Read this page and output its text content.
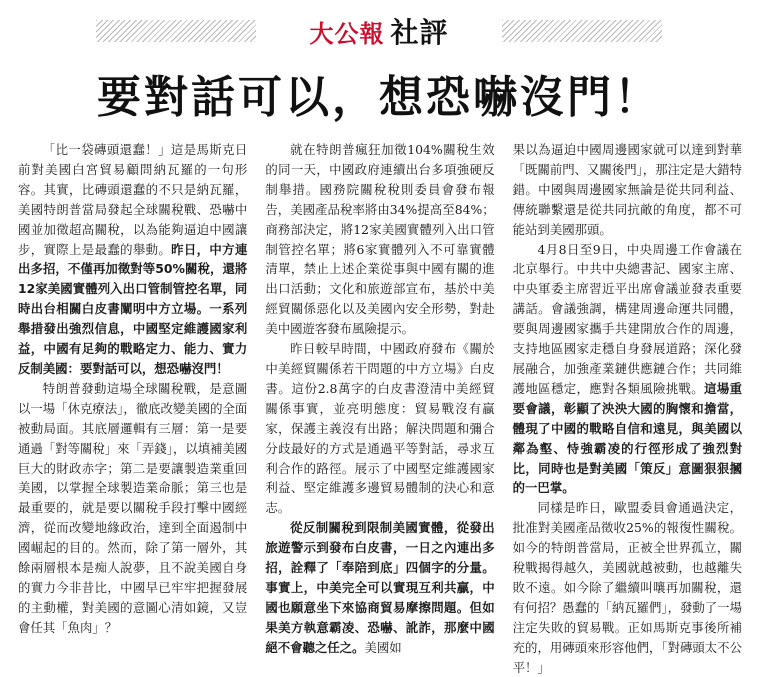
大公報 社評
要對話可以，想恐嚇沒門！

「比一袋磚頭還蠢！」這是馬斯克日前對美國白宮貿易顧問納瓦羅的一句形容。其實，比磚頭還蠢的不只是納瓦羅，美國特朗普當局發起全球關稅戰、恐嚇中國並加徵超高關稅，以為能夠逼迫中國讓步，實際上是最蠢的舉動。昨日，中方連出多招，不僅再加徵對等50%關稅，還將12家美國實體列入出口管制管控名單，同時出台相關白皮書闡明中方立場。一系列舉措發出強烈信息，中國堅定維護國家利益，中國有足夠的戰略定力、能力、實力反制美國：要對話可以，想恐嚇沒門！

特朗普發動這場全球關稅戰，是意圖以一場「休克療法」，徹底改變美國的全面被動局面。其底層邏輯有三層：第一是要通過「對等關稅」來「弄錢」，以填補美國巨大的財政赤字；第二是要讓製造業重回美國，以掌握全球製造業命脈；第三也是最重要的，就是要以關稅手段打擊中國經濟，從而改變地緣政治，達到全面遏制中國崛起的目的。然而，除了第一層外，其餘兩層根本是痴人說夢，且不說美國自身的實力今非昔比，中國早已牢牢把握發展的主動權，對美國的意圖心清如鏡，又豈會任其「魚肉」？

就在特朗普瘋狂加徵104%關稅生效的同一天，中國政府連續出台多項強硬反制舉措。國務院關稅稅則委員會發布報告，美國產品稅率將由34%提高至84%；商務部決定，將12家美國實體列入出口管制管控名單；將6家實體列入不可靠實體清單，禁止上述企業從事與中國有關的進出口活動；文化和旅遊部宣布，基於中美經貿關係惡化以及美國內安全形勢，對赴美中國遊客發布風險提示。

昨日較早時間，中國政府發布《關於中美經貿關係若干問題的中方立場》白皮書。這份2.8萬字的白皮書澄清中美經貿關係事實，並亮明態度：貿易戰沒有贏家，保護主義沒有出路；解決問題和彌合分歧最好的方式是通過平等對話，尋求互利合作的路徑。展示了中國堅定維護國家利益、堅定維護多邊貿易體制的決心和意志。

從反制關稅到限制美國實體，從發出旅遊警示到發布白皮書，一日之內連出多招，詮釋了「奉陪到底」四個字的分量。事實上，中美完全可以實現互利共贏，中國也願意坐下來協商貿易摩擦問題。但如果美方執意霸凌、恐嚇、訛詐，那麼中國絕不會聽之任之。美國如

果以為逼迫中國周邊國家就可以達到對華「既關前門、又關後門」，那注定是大錯特錯。中國與周邊國家無論是從共同利益、傳統聯繫還是從共同抗敵的角度，都不可能站到美國那頭。

4月8日至9日，中央周邊工作會議在北京舉行。中共中央總書記、國家主席、中央軍委主席習近平出席會議並發表重要講話。會議強調，構建周邊命運共同體，要與周邊國家攜手共建開放合作的周邊，支持地區國家走穩自身發展道路；深化發展融合，加強產業鏈供應鏈合作；共同維護地區穩定，應對各類風險挑戰。這場重要會議，彰顯了泱泱大國的胸懷和擔當，體現了中國的戰略自信和遠見，與美國以鄰為壑、恃強霸凌的行徑形成了強烈對比，同時也是對美國「策反」意圖狠狠摑的一巴掌。

同樣是昨日，歐盟委員會通過決定，批准對美國產品徵收25%的報復性關稅。如今的特朗普當局，正被全世界孤立，關稅戰揭得越久，美國就越被動，也越離失敗不遠。如今除了繼續叫嚷再加關稅，還有何招？愚蠢的「納瓦羅們」，發動了一場注定失敗的貿易戰。正如馬斯克事後所補充的，用磚頭來形容他們，「對磚頭太不公平！」
